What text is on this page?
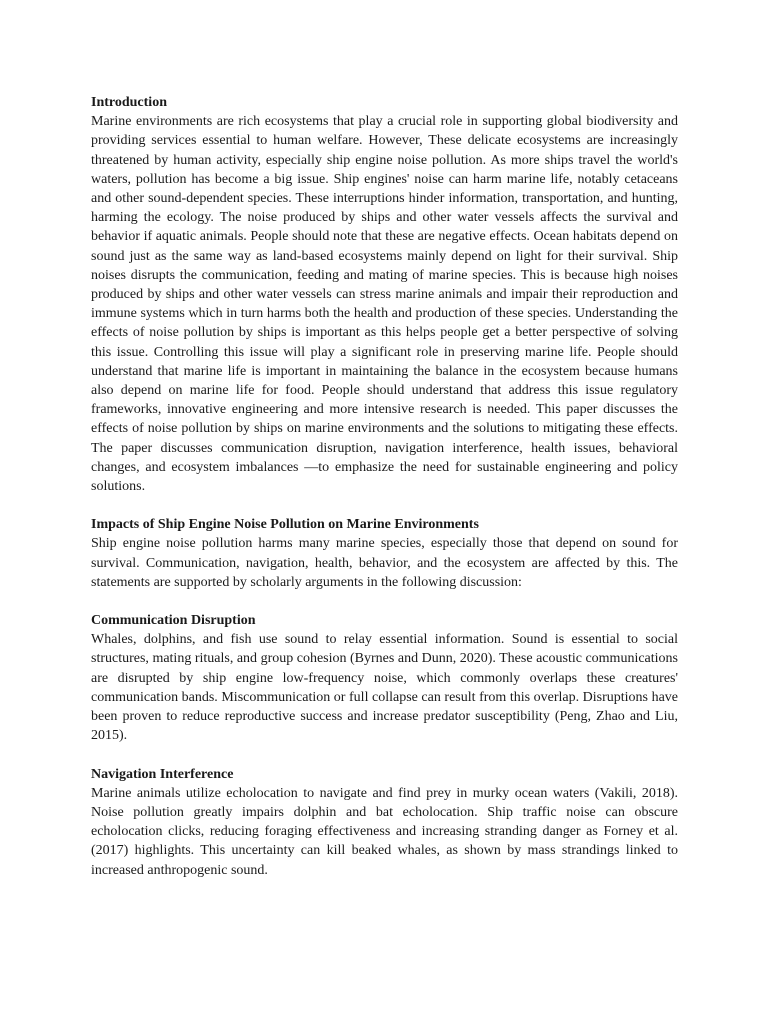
Introduction

Marine environments are rich ecosystems that play a crucial role in supporting global biodiversity and providing services essential to human welfare. However, These delicate ecosystems are increasingly threatened by human activity, especially ship engine noise pollution. As more ships travel the world's waters, pollution has become a big issue. Ship engines' noise can harm marine life, notably cetaceans and other sound-dependent species. These interruptions hinder information, transportation, and hunting, harming the ecology. The noise produced by ships and other water vessels affects the survival and behavior if aquatic animals. People should note that these are negative effects. Ocean habitats depend on sound just as the same way as land-based ecosystems mainly depend on light for their survival. Ship noises disrupts the communication, feeding and mating of marine species. This is because high noises produced by ships and other water vessels can stress marine animals and impair their reproduction and immune systems which in turn harms both the health and production of these species. Understanding the effects of noise pollution by ships is important as this helps people get a better perspective of solving this issue. Controlling this issue will play a significant role in preserving marine life. People should understand that marine life is important in maintaining the balance in the ecosystem because humans also depend on marine life for food. People should understand that address this issue regulatory frameworks, innovative engineering and more intensive research is needed. This paper discusses the effects of noise pollution by ships on marine environments and the solutions to mitigating these effects. The paper discusses communication disruption, navigation interference, health issues, behavioral changes, and ecosystem imbalances —to emphasize the need for sustainable engineering and policy solutions.

Impacts of Ship Engine Noise Pollution on Marine Environments

Ship engine noise pollution harms many marine species, especially those that depend on sound for survival. Communication, navigation, health, behavior, and the ecosystem are affected by this. The statements are supported by scholarly arguments in the following discussion:

Communication Disruption

Whales, dolphins, and fish use sound to relay essential information. Sound is essential to social structures, mating rituals, and group cohesion (Byrnes and Dunn, 2020). These acoustic communications are disrupted by ship engine low-frequency noise, which commonly overlaps these creatures' communication bands. Miscommunication or full collapse can result from this overlap. Disruptions have been proven to reduce reproductive success and increase predator susceptibility (Peng, Zhao and Liu, 2015).

Navigation Interference

Marine animals utilize echolocation to navigate and find prey in murky ocean waters (Vakili, 2018). Noise pollution greatly impairs dolphin and bat echolocation. Ship traffic noise can obscure echolocation clicks, reducing foraging effectiveness and increasing stranding danger as Forney et al. (2017) highlights. This uncertainty can kill beaked whales, as shown by mass strandings linked to increased anthropogenic sound.
